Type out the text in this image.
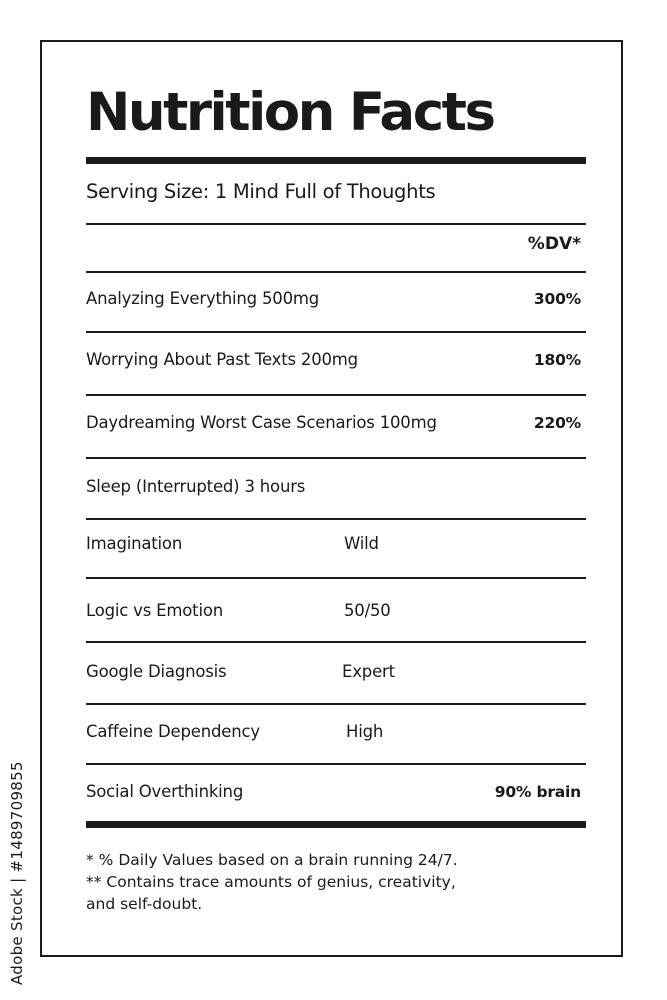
Nutrition Facts
Serving Size: 1 Mind Full of Thoughts
%DV*
Analyzing Everything 500mg	300%
Worrying About Past Texts 200mg	180%
Daydreaming Worst Case Scenarios 100mg	220%
Sleep (Interrupted) 3 hours
Imagination	Wild
Logic vs Emotion	50/50
Google Diagnosis	Expert
Caffeine Dependency	High
Social Overthinking	90% brain
* % Daily Values based on a brain running 24/7.
** Contains trace amounts of genius, creativity,
and self-doubt.
Adobe Stock | #1489709855
